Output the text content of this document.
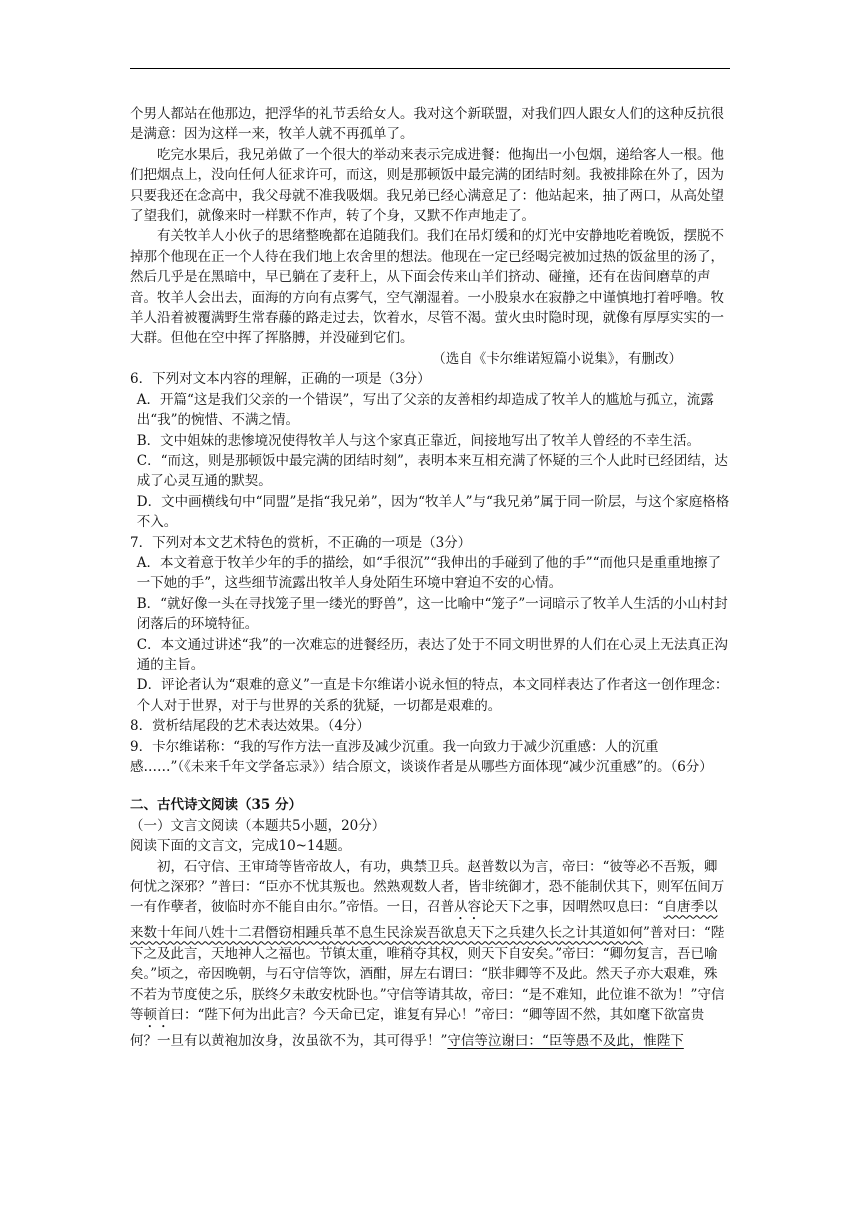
个男人都站在他那边，把浮华的礼节丢给女人。我对这个新联盟，对我们四人跟女人们的这种反抗很是满意：因为这样一来，牧羊人就不再孤单了。

吃完水果后，我兄弟做了一个很大的举动来表示完成进餐：他掏出一小包烟，递给客人一根。他们把烟点上，没向任何人征求许可，而这，则是那顿饭中最完满的团结时刻。我被排除在外了，因为只要我还在念高中，我父母就不准我吸烟。我兄弟已经心满意足了：他站起来，抽了两口，从高处望了望我们，就像来时一样默不作声，转了个身，又默不作声地走了。

有关牧羊人小伙子的思绪整晚都在追随我们。我们在吊灯缓和的灯光中安静地吃着晚饭，摆脱不掉那个他现在正一个人待在我们地上农舍里的想法。他现在一定已经喝完被加过热的饭盆里的汤了，然后几乎是在黑暗中，早已躺在了麦秆上，从下面会传来山羊们挤动、碰撞，还有在齿间磨草的声音。牧羊人会出去，面海的方向有点雾气，空气潮湿着。一小股泉水在寂静之中谨慎地打着呼噜。牧羊人沿着被覆满野生常春藤的路走过去，饮着水，尽管不渴。萤火虫时隐时现，就像有厚厚实实的一大群。但他在空中挥了挥胳膊，并没碰到它们。

（选自《卡尔维诺短篇小说集》，有删改）

6．下列对文本内容的理解，正确的一项是（3分）

A．开篇“这是我们父亲的一个错误”，写出了父亲的友善相约却造成了牧羊人的尴尬与孤立，流露出“我”的惋惜、不满之情。

B．文中姐妹的悲惨境况使得牧羊人与这个家真正靠近，间接地写出了牧羊人曾经的不幸生活。

C．“而这，则是那顿饭中最完满的团结时刻”，表明本来互相充满了怀疑的三个人此时已经团结，达成了心灵互通的默契。

D．文中画横线句中“同盟”是指“我兄弟”，因为“牧羊人”与“我兄弟”属于同一阶层，与这个家庭格格不入。

7．下列对本文艺术特色的赏析，不正确的一项是（3分）

A．本文着意于牧羊少年的手的描绘，如“手很沉”“我伸出的手碰到了他的手”“而他只是重重地擦了一下她的手”，这些细节流露出牧羊人身处陌生环境中窘迫不安的心情。

B．“就好像一头在寻找笼子里一缕光的野兽”，这一比喻中“笼子”一词暗示了牧羊人生活的小山村封闭落后的环境特征。

C．本文通过讲述“我”的一次难忘的进餐经历，表达了处于不同文明世界的人们在心灵上无法真正沟通的主旨。

D．评论者认为“艰难的意义”一直是卡尔维诺小说永恒的特点，本文同样表达了作者这一创作理念：个人对于世界，对于与世界的关系的犹疑，一切都是艰难的。

8．赏析结尾段的艺术表达效果。（4分）

9．卡尔维诺称：“我的写作方法一直涉及减少沉重。我一向致力于减少沉重感：人的沉重感……”（《未来千年文学备忘录》）结合原文，谈谈作者是从哪些方面体现“减少沉重感”的。（6分）

二、古代诗文阅读（35 分）

（一）文言文阅读（本题共5小题，20分）

阅读下面的文言文，完成10~14题。

初，石守信、王审琦等皆帝故人，有功，典禁卫兵。赵普数以为言，帝曰：“彼等必不吾叛，卿何忧之深邪？”普曰：“臣亦不忧其叛也。然熟观数人者，皆非统御才，恐不能制伏其下，则军伍间万一有作孽者，彼临时亦不能自由尔。”帝悟。一日，召普从容论天下之事，因喟然叹息曰：“自唐季以来数十年间八姓十二君僭窃相踵兵革不息生民涂炭吾欲息天下之兵建久长之计其道如何”普对曰：“陛下之及此言，天地神人之福也。节镇太重，唯稍夺其权，则天下自安矣。”帝曰：“卿勿复言，吾已喻矣。”顷之，帝因晚朝，与石守信等饮，酒酣，屏左右谓曰：“朕非卿等不及此。然天子亦大艰难，殊不若为节度使之乐，朕终夕未敢安枕卧也。”守信等请其故，帝曰：“是不难知，此位谁不欲为！”守信等顿首曰：“陛下何为出此言？今天命已定，谁复有异心！”帝曰：“卿等固不然，其如麾下欲富贵何？一旦有以黄袍加汝身，汝虽欲不为，其可得乎！”守信等泣谢曰：“臣等愚不及此，惟陛下
